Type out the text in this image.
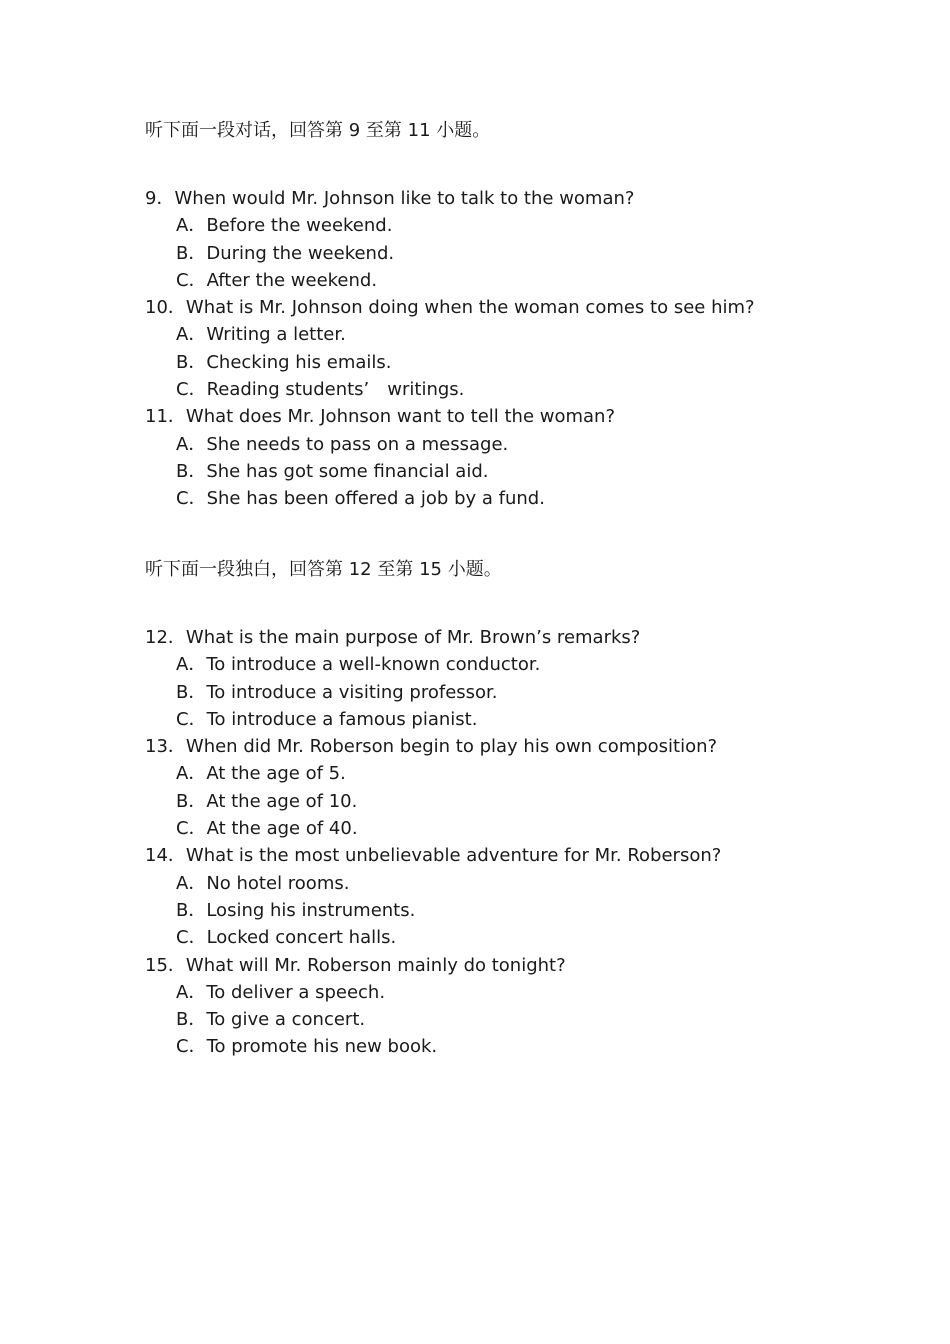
听下面一段对话，回答第 9 至第 11 小题。
9．When would Mr. Johnson like to talk to the woman?
A．Before the weekend.
B．During the weekend.
C．After the weekend.
10．What is Mr. Johnson doing when the woman comes to see him?
A．Writing a letter.
B．Checking his emails.
C．Reading students’　writings.
11．What does Mr. Johnson want to tell the woman?
A．She needs to pass on a message.
B．She has got some financial aid.
C．She has been offered a job by a fund.
听下面一段独白，回答第 12 至第 15 小题。
12．What is the main purpose of Mr. Brown’s remarks?
A．To introduce a well-known conductor.
B．To introduce a visiting professor.
C．To introduce a famous pianist.
13．When did Mr. Roberson begin to play his own composition?
A．At the age of 5.
B．At the age of 10.
C．At the age of 40.
14．What is the most unbelievable adventure for Mr. Roberson?
A．No hotel rooms.
B．Losing his instruments.
C．Locked concert halls.
15．What will Mr. Roberson mainly do tonight?
A．To deliver a speech.
B．To give a concert.
C．To promote his new book.
